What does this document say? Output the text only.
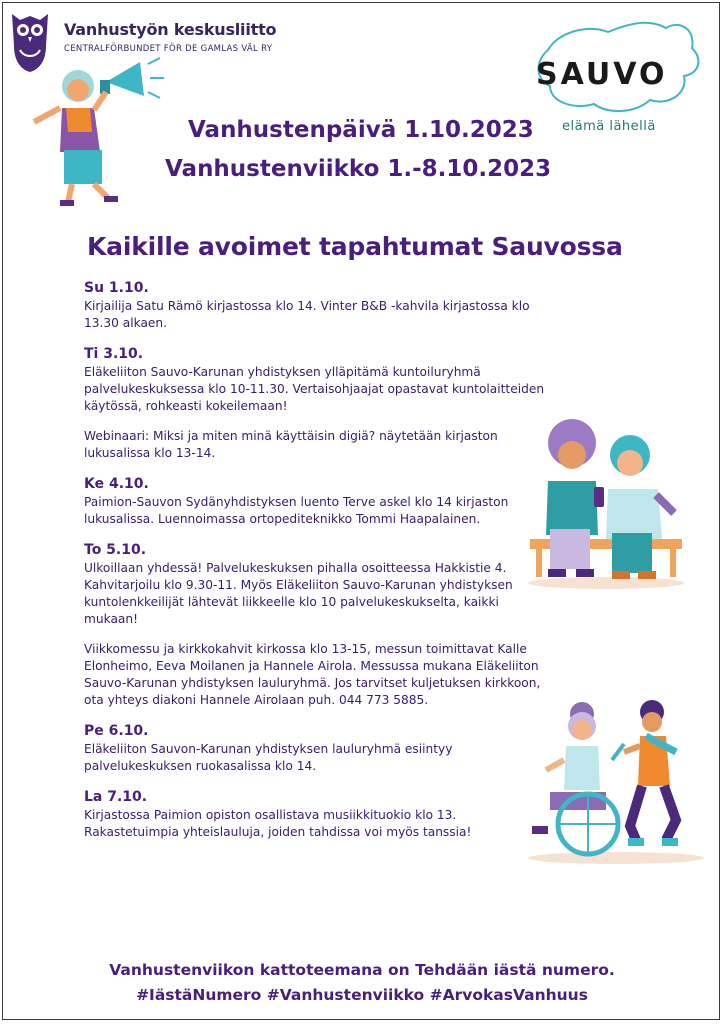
Vanhustyön keskusliitto
CENTRALFÖRBUNDET FÖR DE GAMLAS VÄL RY
SAUVO
elämä lähellä
Vanhustenpäivä 1.10.2023
Vanhustenviikko 1.-8.10.2023
Kaikille avoimet tapahtumat Sauvossa
Su 1.10.

Kirjailija Satu Rämö kirjastossa klo 14. Vinter B&B -kahvila kirjastossa klo 13.30 alkaen.

Ti 3.10.

Eläkeliiton Sauvo-Karunan yhdistyksen ylläpitämä kuntoiluryhmä palvelukeskuksessa klo 10-11.30. Vertaisohjaajat opastavat kuntolaitteiden käytössä, rohkeasti kokeilemaan!

Webinaari: Miksi ja miten minä käyttäisin digiä? näytetään kirjaston lukusalissa klo 13-14.

Ke 4.10.

Paimion-Sauvon Sydänyhdistyksen luento Terve askel klo 14 kirjaston lukusalissa. Luennoimassa ortopediteknikko Tommi Haapalainen.

To 5.10.

Ulkoillaan yhdessä! Palvelukeskuksen pihalla osoitteessa Hakkistie 4. Kahvitarjoilu klo 9.30-11. Myös Eläkeliiton Sauvo-Karunan yhdistyksen kuntolenkkeilijät lähtevät liikkeelle klo 10 palvelukeskukselta, kaikki mukaan!

Viikkomessu ja kirkkokahvit kirkossa klo 13-15, messun toimittavat Kalle Elonheimo, Eeva Moilanen ja Hannele Airola. Messussa mukana Eläkeliiton Sauvo-Karunan yhdistyksen lauluryhmä. Jos tarvitset kuljetuksen kirkkoon, ota yhteys diakoni Hannele Airolaan puh. 044 773 5885.

Pe 6.10.

Eläkeliiton Sauvon-Karunan yhdistyksen lauluryhmä esiintyy palvelukeskuksen ruokasalissa klo 14.

La 7.10.

Kirjastossa Paimion opiston osallistava musiikkituokio klo 13. Rakastetuimpia yhteislauluja, joiden tahdissa voi myös tanssia!

Vanhustenviikon kattoteemana on Tehdään iästä numero.
#IästäNumero #Vanhustenviikko #ArvokasVanhuus
